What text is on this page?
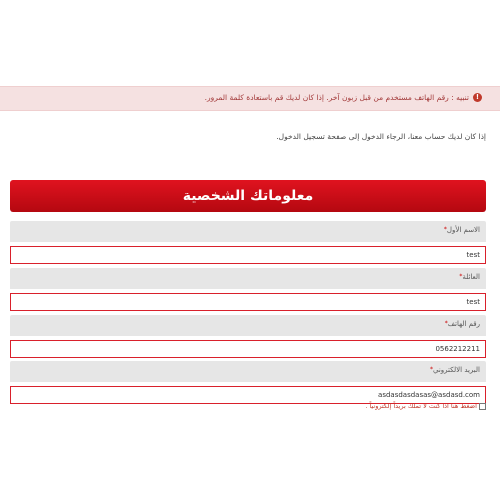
!
تنبيه : رقم الهاتف مستخدم من قبل زبون آخر. إذا كان لديك قم باستعادة كلمة المرور.
إذا كان لديك حساب معنا، الرجاء الدخول إلى صفحة تسجيل الدخول.
معلوماتك الشخصية
الاسم الأول*
test
العائلة*
test
رقم الهاتف*
0562212211
البريد الالكتروني*
asdasdasdasas@asdasd.com
اضغط هنا اذا كنت لا تملك بريداً إلكترونياً .
